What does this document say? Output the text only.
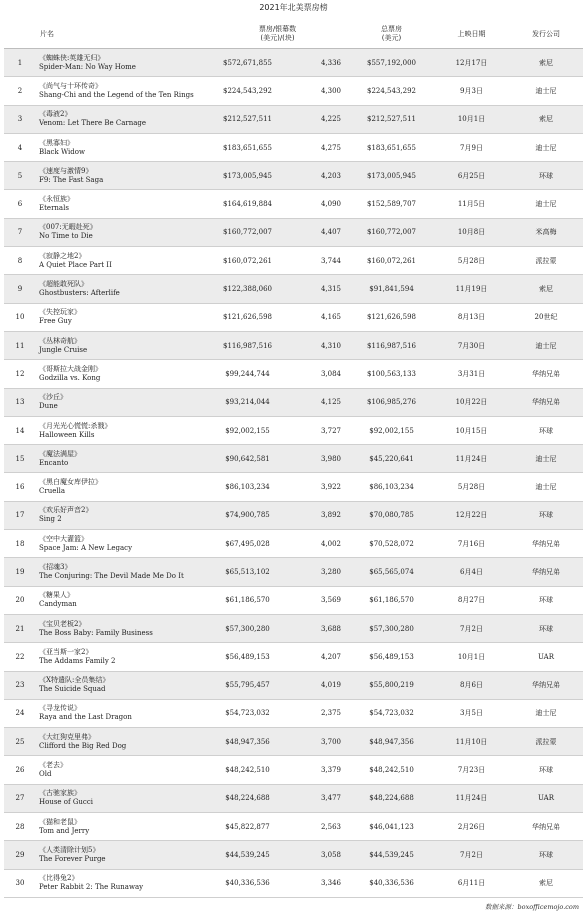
2021年北美票房榜
	片名	票房/银幕数
(美元)/(块)		总票房
(美元)	上映日期	发行公司
1	《蜘蛛侠:英雄无归》
Spider-Man: No Way Home	$572,671,855	4,336	$557,192,000	12月17日	索尼
2	《尚气与十环传奇》
Shang-Chi and the Legend of the Ten Rings	$224,543,292	4,300	$224,543,292	9月3日	迪士尼
3	《毒液2》
Venom: Let There Be Carnage	$212,527,511	4,225	$212,527,511	10月1日	索尼
4	《黑寡妇》
Black Widow	$183,651,655	4,275	$183,651,655	7月9日	迪士尼
5	《速度与激情9》
F9: The Fast Saga	$173,005,945	4,203	$173,005,945	6月25日	环球
6	《永恒族》
Eternals	$164,619,884	4,090	$152,589,707	11月5日	迪士尼
7	《007:无暇赴死》
No Time to Die	$160,772,007	4,407	$160,772,007	10月8日	米高梅
8	《寂静之地2》
A Quiet Place Part II	$160,072,261	3,744	$160,072,261	5月28日	派拉蒙
9	《超能敢死队》
Ghostbusters: Afterlife	$122,388,060	4,315	$91,841,594	11月19日	索尼
10	《失控玩家》
Free Guy	$121,626,598	4,165	$121,626,598	8月13日	20世纪
11	《丛林奇航》
Jungle Cruise	$116,987,516	4,310	$116,987,516	7月30日	迪士尼
12	《哥斯拉大战金刚》
Godzilla vs. Kong	$99,244,744	3,084	$100,563,133	3月31日	华纳兄弟
13	《沙丘》
Dune	$93,214,044	4,125	$106,985,276	10月22日	华纳兄弟
14	《月光光心慌慌:杀戮》
Halloween Kills	$92,002,155	3,727	$92,002,155	10月15日	环球
15	《魔法满屋》
Encanto	$90,642,581	3,980	$45,220,641	11月24日	迪士尼
16	《黑白魔女库伊拉》
Cruella	$86,103,234	3,922	$86,103,234	5月28日	迪士尼
17	《欢乐好声音2》
Sing 2	$74,900,785	3,892	$70,080,785	12月22日	环球
18	《空中大灌篮》
Space Jam: A New Legacy	$67,495,028	4,002	$70,528,072	7月16日	华纳兄弟
19	《招魂3》
The Conjuring: The Devil Made Me Do It	$65,513,102	3,280	$65,565,074	6月4日	华纳兄弟
20	《糖果人》
Candyman	$61,186,570	3,569	$61,186,570	8月27日	环球
21	《宝贝老板2》
The Boss Baby: Family Business	$57,300,280	3,688	$57,300,280	7月2日	环球
22	《亚当斯一家2》
The Addams Family 2	$56,489,153	4,207	$56,489,153	10月1日	UAR
23	《X特遣队:全员集结》
The Suicide Squad	$55,795,457	4,019	$55,800,219	8月6日	华纳兄弟
24	《寻龙传说》
Raya and the Last Dragon	$54,723,032	2,375	$54,723,032	3月5日	迪士尼
25	《大红狗克里弗》
Clifford the Big Red Dog	$48,947,356	3,700	$48,947,356	11月10日	派拉蒙
26	《老去》
Old	$48,242,510	3,379	$48,242,510	7月23日	环球
27	《古驰家族》
House of Gucci	$48,224,688	3,477	$48,224,688	11月24日	UAR
28	《猫和老鼠》
Tom and Jerry	$45,822,877	2,563	$46,041,123	2月26日	华纳兄弟
29	《人类清除计划5》
The Forever Purge	$44,539,245	3,058	$44,539,245	7月2日	环球
30	《比得兔2》
Peter Rabbit 2: The Runaway	$40,336,536	3,346	$40,336,536	6月11日	索尼
数据来源：boxofficemojo.com
